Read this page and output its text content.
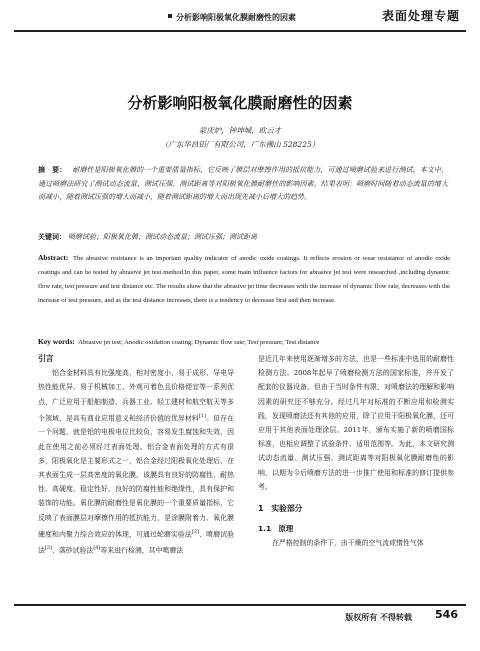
分析影响阳极氧化膜耐磨性的因素	表面处理专题
分析影响阳极氧化膜耐磨性的因素
蒙庆炉，钟坤城，欧云才
（广东华昌铝厂有限公司，广东佛山 528225）
摘　要： 耐磨性是阳极氧化膜的一个重要质量指标，它反映了膜层对摩擦作用的抵抗能力，可通过喷磨试验来进行测试。本文中，通过喷磨法研究了测试动态流量、测试压强、测试距离等对阳极氧化膜耐磨性的影响因素。结果表明：喷磨时间随着动态流量的增大而减小，随着测试压强的增大而减小，随着测试距离的增大而出现先减小后增大的趋势。
关键词： 喷磨试验；阳极氧化膜；测试动态流量；测试压强；测试距离
Abstract: The abrasive resistance is an important quality indicator of anodic oxide coatings. It reflects erosion or wear resistance of anodic oxide coatings and can be tested by abrasive jet test method.In this paper, some main influence factors for abrasive jet test were researched ,including dynamic flow rate, test pressure and test distance etc. The results show that the abrasive jet time decreases with the increase of dynamic flow rate, decreases with the increase of test pressure, and as the test distance increases, there is a tendency to decrease first and then increase.
Key words: Abrasive jet test; Anodic oxidation coating; Dynamic flow rate; Test pressure; Test distance
引言

铝合金材料具有比强度高、相对密度小、易于成形、导电导热性能优异、易于机械加工、外观可着色且价格便宜等一系列优点，广泛应用于船舶制造、兵器工业、轻工建材和航空航天等多个领域，是具有商业应用意义和经济价值的优异材料[1]。但存在一个问题，就是铝的电极电位比较负，容易发生腐蚀和失效，因此在使用之前必须经过表面处理。铝合金表面处理的方式有很多，阳极氧化是主要形式之一，铝合金经过阳极氧化处理后，在其表面生成一层高密度的氧化膜，该膜具有良好的防腐性、耐热性、高硬度、稳定性好、良好的防腐性能和绝缘性，具有保护和装饰的功能。氧化膜的耐磨性是氧化膜的一个重要质量指标，它反映了表面膜层对摩擦作用的抵抗能力，是涂膜附着力、氧化膜硬度和内聚力综合效应的体现，可通过轮磨实验法[2]、喷磨试验法[3]、落砂试验法[4]等来进行检测，其中喷磨法

是近几年来使用逐渐增多的方法，也是一些标准中选用的耐磨性检测方法。2008年起早了喷磨检测方法的国家标准，并开发了配套的仪器设备。但由于当时条件有限，对喷磨法的理解和影响因素的研究还不够充分。经过几年对标准的不断应用和检测实践，发现喷磨法还有其他的应用，除了应用于阳极氧化膜，还可应用于其他表面处理涂层。2011年，颁布实施了新的喷磨国标标准，也相应调整了试验条件、适用范围等。为此，本文研究测试动态流量、测试压强、测试距离等对阳极氧化膜耐磨性的影响，以期为今后喷磨方法的进一步推广使用和标准的修订提供参考。

1　实验部分
1.1　原理

在严格控制的条件下，由干燥的空气流或惰性气体

版权所有 不得转载 546
